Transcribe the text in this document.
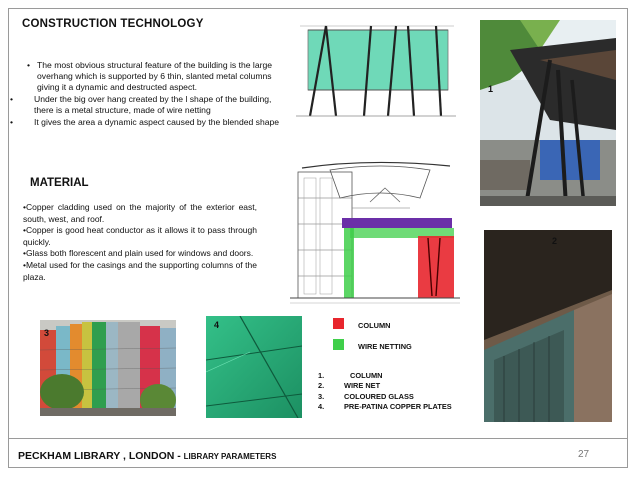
CONSTRUCTION TECHNOLOGY
• The most obvious structural feature of the building is the large overhang which is supported by 6 thin, slanted metal columns giving it a dynamic and destructed aspect.
• Under the big over hang created by the l shape of the building, there is a metal structure, made of wire netting
• It gives the area a dynamic aspect caused by the blended shape
MATERIAL

•Copper cladding used on the majority of the exterior east, south, west, and roof.

•Copper is good heat conductor as it allows it to pass through quickly.

•Glass both florescent and plain used for windows and doors.

•Metal used for the casings and the supporting columns of the plaza.

1
2
3
4	COLUMN
WIRE NETTING
1.	COLUMN
2.	WIRE NET
3.	COLOURED GLASS
4.	PRE-PATINA COPPER PLATES
PECKHAM LIBRARY , LONDON - LIBRARY PARAMETERS	27
